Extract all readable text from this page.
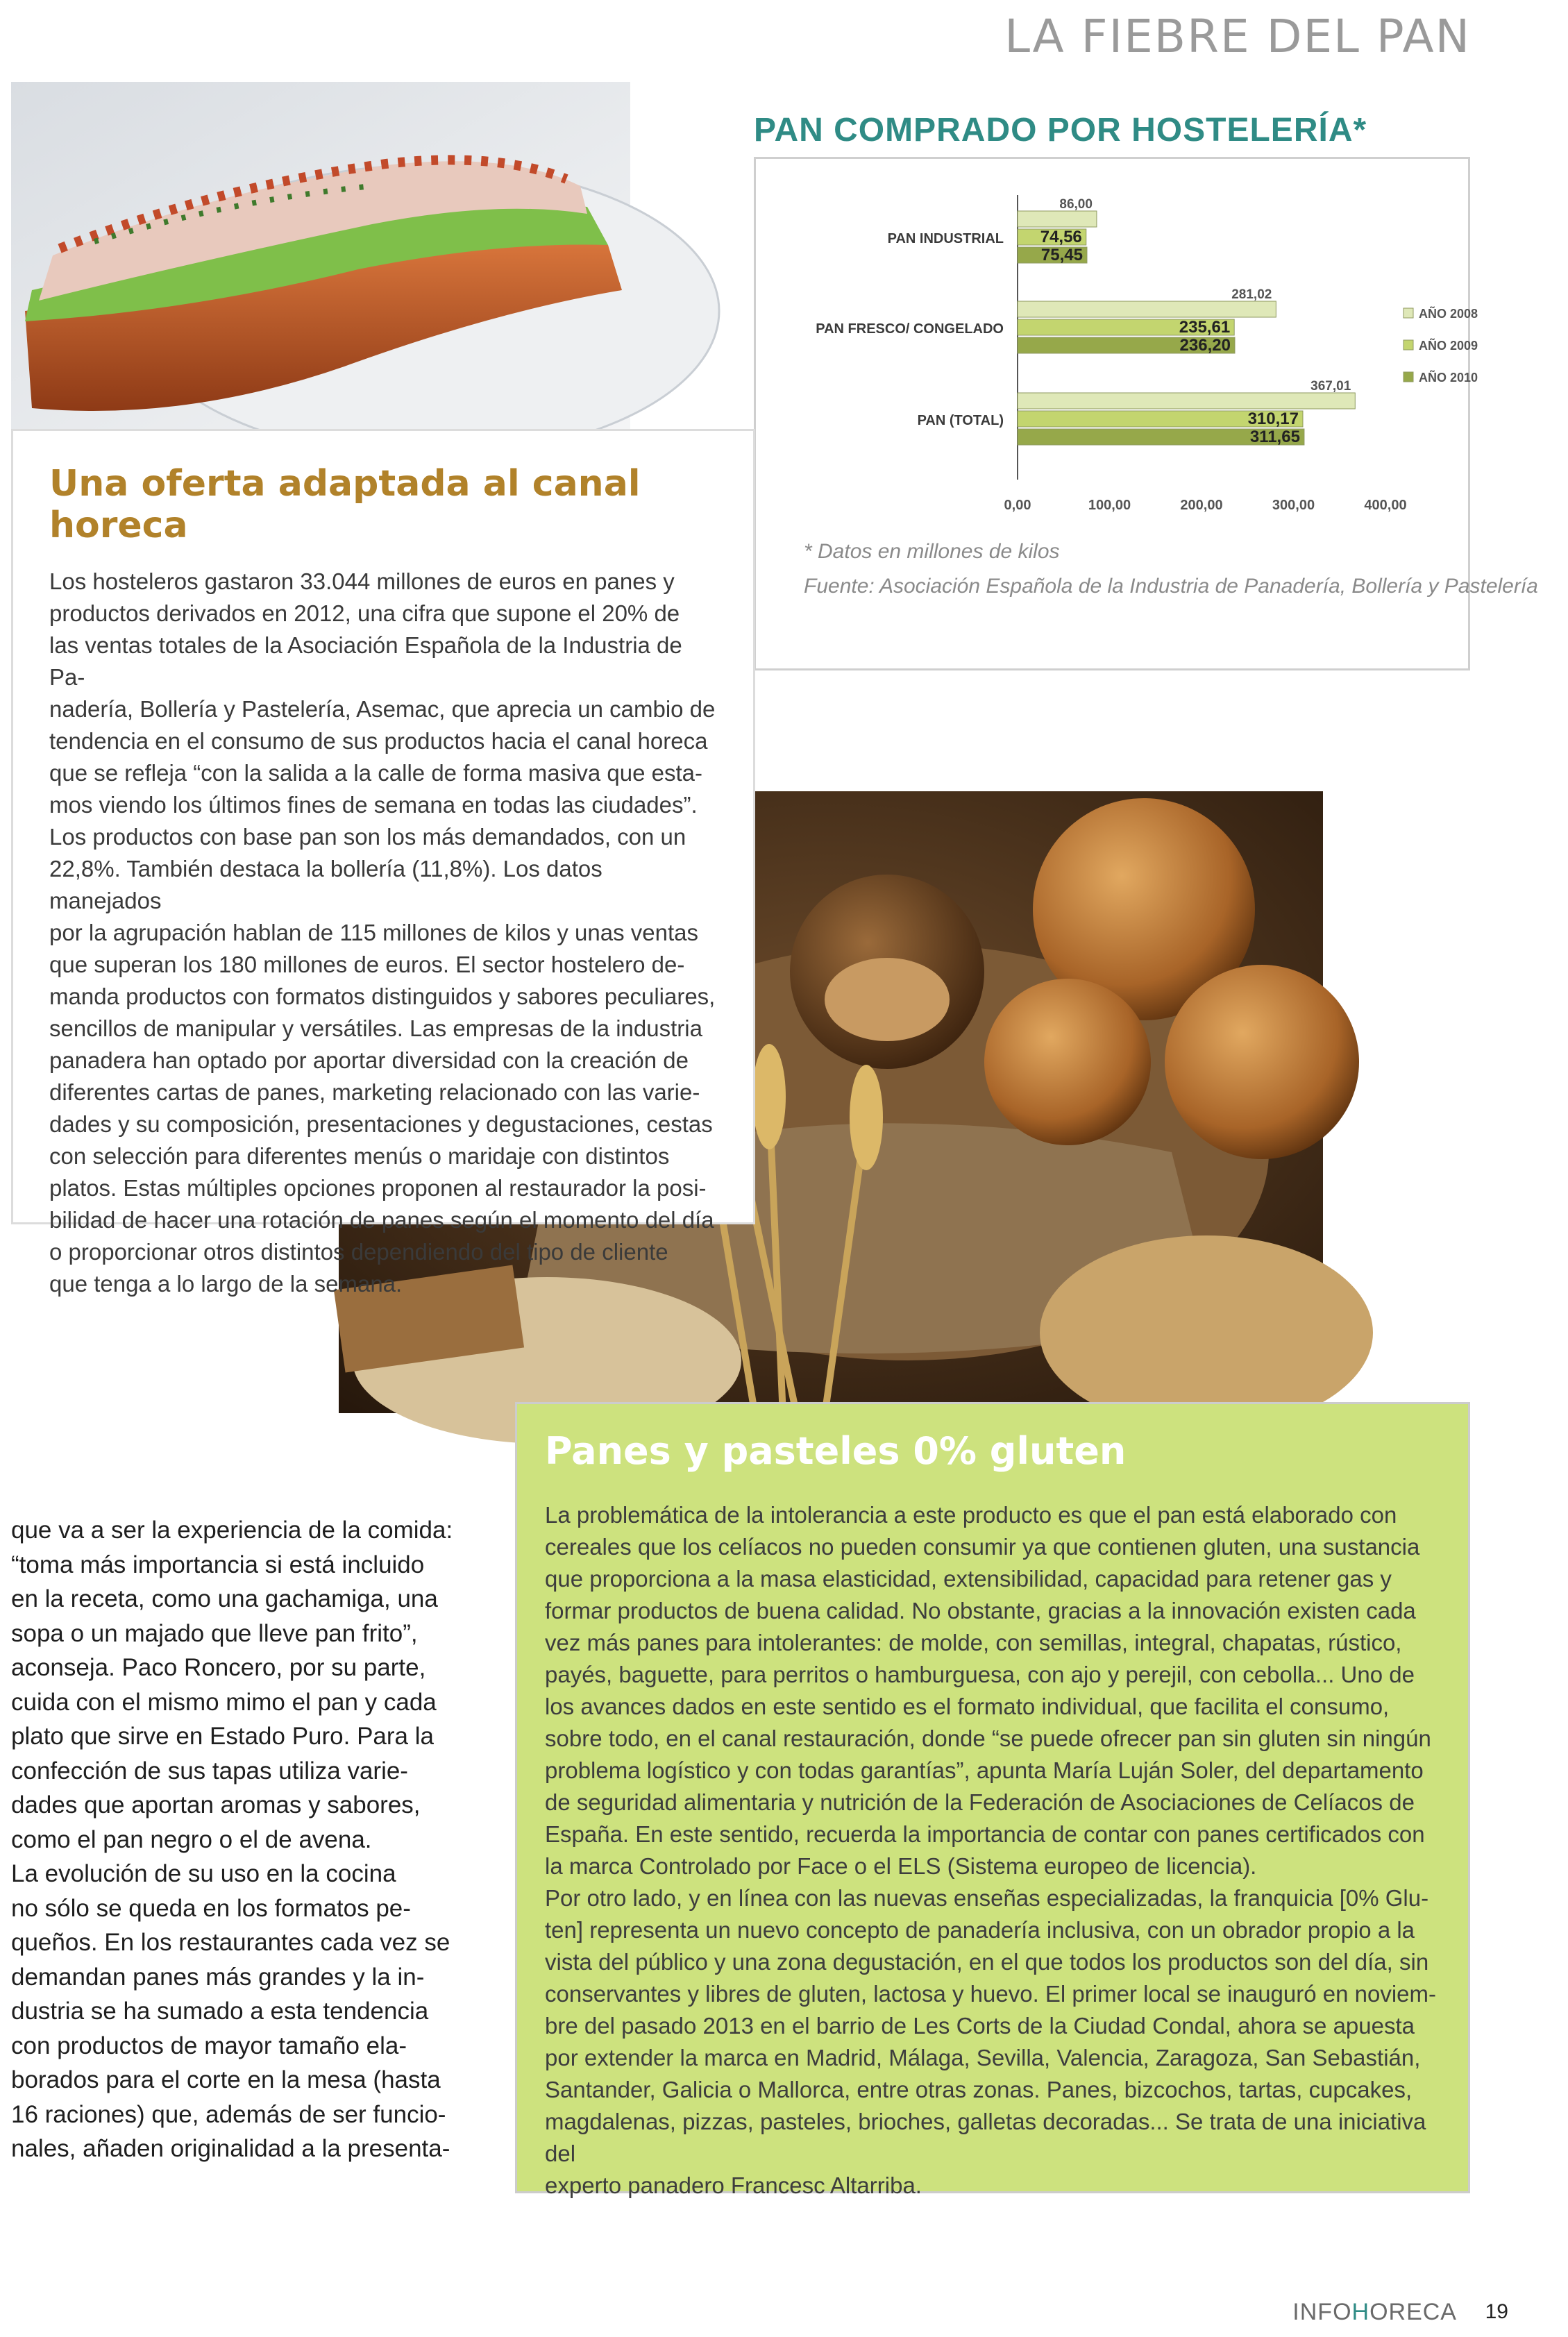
LA FIEBRE DEL PAN
PAN COMPRADO POR HOSTELERÍA*
PAN INDUSTRIAL
86,00
74,56
75,45
PAN FRESCO/ CONGELADO
281,02
235,61
236,20
PAN (TOTAL)
367,01
310,17
311,65
0,00	100,00	200,00	300,00	400,00
AÑO 2008
AÑO 2009
AÑO 2010
* Datos en millones de kilos
Fuente: Asociación Española de la Industria de Panadería, Bollería y Pastelería
Una oferta adaptada al canal horeca
Los hosteleros gastaron 33.044 millones de euros en panes y
productos derivados en 2012, una cifra que supone el 20% de
las ventas totales de la Asociación Española de la Industria de Pa-
nadería, Bollería y Pastelería, Asemac, que aprecia un cambio de
tendencia en el consumo de sus productos hacia el canal horeca
que se refleja “con la salida a la calle de forma masiva que esta-
mos viendo los últimos fines de semana en todas las ciudades”.
Los productos con base pan son los más demandados, con un
22,8%. También destaca la bollería (11,8%). Los datos manejados
por la agrupación hablan de 115 millones de kilos y unas ventas
que superan los 180 millones de euros. El sector hostelero de-
manda productos con formatos distinguidos y sabores peculiares,
sencillos de manipular y versátiles. Las empresas de la industria
panadera han optado por aportar diversidad con la creación de
diferentes cartas de panes, marketing relacionado con las varie-
dades y su composición, presentaciones y degustaciones, cestas
con selección para diferentes menús o maridaje con distintos
platos. Estas múltiples opciones proponen al restaurador la posi-
bilidad de hacer una rotación de panes según el momento del día
o proporcionar otros distintos dependiendo del tipo de cliente
que tenga a lo largo de la semana.
que va a ser la experiencia de la comida:
“toma más importancia si está incluido
en la receta, como una gachamiga, una
sopa o un majado que lleve pan frito”,
aconseja. Paco Roncero, por su parte,
cuida con el mismo mimo el pan y cada
plato que sirve en Estado Puro. Para la
confección de sus tapas utiliza varie-
dades que aportan aromas y sabores,
como el pan negro o el de avena.
La evolución de su uso en la cocina
no sólo se queda en los formatos pe-
queños. En los restaurantes cada vez se
demandan panes más grandes y la in-
dustria se ha sumado a esta tendencia
con productos de mayor tamaño ela-
borados para el corte en la mesa (hasta
16 raciones) que, además de ser funcio-
nales, añaden originalidad a la presenta-
Panes y pasteles 0% gluten
La problemática de la intolerancia a este producto es que el pan está elaborado con
cereales que los celíacos no pueden consumir ya que contienen gluten, una sustancia
que proporciona a la masa elasticidad, extensibilidad, capacidad para retener gas y
formar productos de buena calidad. No obstante, gracias a la innovación existen cada
vez más panes para intolerantes: de molde, con semillas, integral, chapatas, rústico,
payés, baguette, para perritos o hamburguesa, con ajo y perejil, con cebolla... Uno de
los avances dados en este sentido es el formato individual, que facilita el consumo,
sobre todo, en el canal restauración, donde “se puede ofrecer pan sin gluten sin ningún
problema logístico y con todas garantías”, apunta María Luján Soler, del departamento
de seguridad alimentaria y nutrición de la Federación de Asociaciones de Celíacos de
España. En este sentido, recuerda la importancia de contar con panes certificados con
la marca Controlado por Face o el ELS (Sistema europeo de licencia).
Por otro lado, y en línea con las nuevas enseñas especializadas, la franquicia [0% Glu-
ten] representa un nuevo concepto de panadería inclusiva, con un obrador propio a la
vista del público y una zona degustación, en el que todos los productos son del día, sin
conservantes y libres de gluten, lactosa y huevo. El primer local se inauguró en noviem-
bre del pasado 2013 en el barrio de Les Corts de la Ciudad Condal, ahora se apuesta
por extender la marca en Madrid, Málaga, Sevilla, Valencia, Zaragoza, San Sebastián,
Santander, Galicia o Mallorca, entre otras zonas. Panes, bizcochos, tartas, cupcakes,
magdalenas, pizzas, pasteles, brioches, galletas decoradas... Se trata de una iniciativa del
experto panadero Francesc Altarriba.
INFOHORECA 19
